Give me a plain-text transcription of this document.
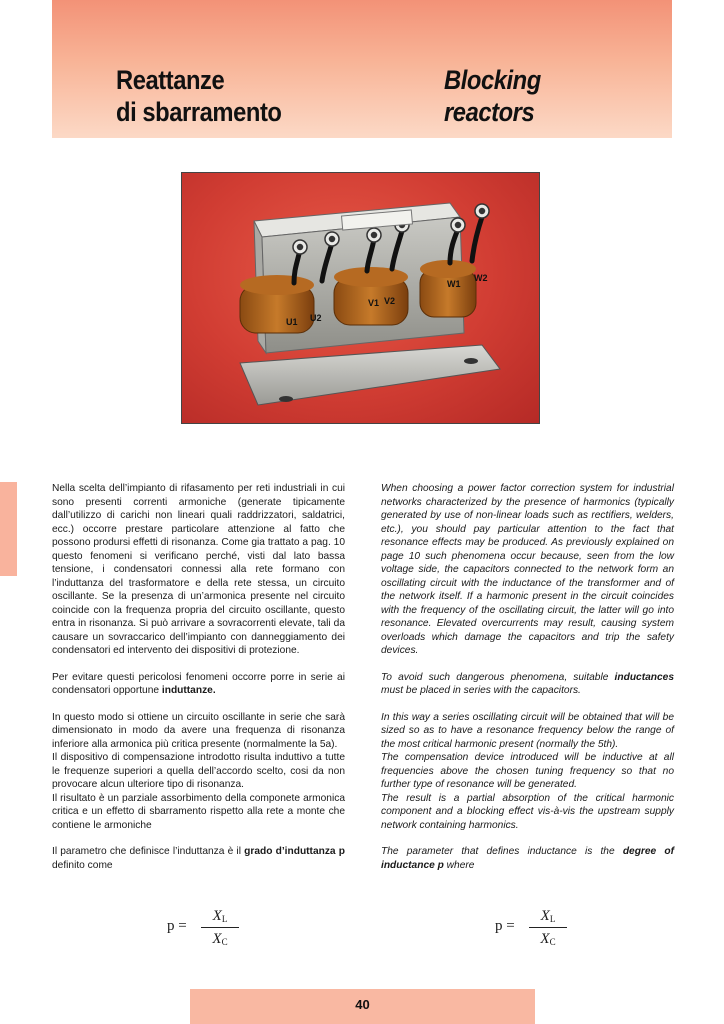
Reattanze
di sbarramento
Blocking
reactors
U1 U2
V1 V2
W1
W2

Nella scelta dell’impianto di rifasamento per reti industriali in cui sono presenti correnti armoniche (generate tipicamente dall’utilizzo di carichi non lineari quali raddrizzatori, saldatrici, ecc.) occorre prestare particolare attenzione al fatto che possono prodursi effetti di risonanza. Come gia trattato a pag. 10 questo fenomeni si verificano perché, visti dal lato bassa tensione, i condensatori connessi alla rete formano con l’induttanza del trasformatore e della rete stessa, un circuito oscillante. Se la presenza di un’armonica presente nel circuito coincide con la frequenza propria del circuito oscillante, questo entra in risonanza. Si può arrivare a sovracorrenti elevate, tali da causare un sovraccarico dell’impianto con danneggiamento dei condensatori ed intervento dei dispositivi di protezione.

Per evitare questi pericolosi fenomeni occorre porre in serie ai condensatori opportune induttanze.

In questo modo si ottiene un circuito oscillante in serie che sarà dimensionato in modo da avere una frequenza di risonanza inferiore alla armonica più critica presente (normalmente la 5a).

Il dispositivo di compensazione introdotto risulta induttivo a tutte le frequenze superiori a quella dell’accordo scelto, cosi da non provocare alcun ulteriore tipo di risonanza.

Il risultato è un parziale assorbimento della componete armonica critica e un effetto di sbarramento rispetto alla rete a monte che contiene le armoniche

Il parametro che definisce l’induttanza è il grado d’induttanza p definito come

When choosing a power factor correction system for industrial networks characterized by the presence of harmonics (typically generated by use of non-linear loads such as rectifiers, welders, etc.), you should pay particular attention to the fact that resonance effects may be produced. As previously explained on page 10 such phenomena occur because, seen from the low voltage side, the capacitors connected to the network form an oscillating circuit with the inductance of the transformer and of the network itself. If a harmonic present in the circuit coincides with the frequency of the oscillating circuit, the latter will go into resonance. Elevated overcurrents may result, causing system overloads which damage the capacitors and trip the safety devices.

To avoid such dangerous phenomena, suitable inductances must be placed in series with the capacitors.

In this way a series oscillating circuit will be obtained that will be sized so as to have a resonance frequency below the range of the most critical harmonic present (normally the 5th).

The compensation device introduced will be inductive at all frequencies above the chosen tuning frequency so that no further type of resonance will be generated.

The result is a partial absorption of the critical harmonic component and a blocking effect vis-à-vis the upstream supply network containing harmonics.

The parameter that defines inductance is the degree of inductance p where

p =
$X_L$
$X_C$
p =
$X_L$
$X_C$
40
